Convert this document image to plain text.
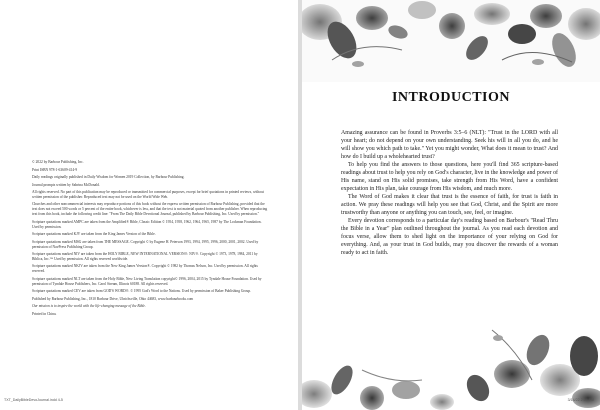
© 2022 by Barbour Publishing, Inc.

Print ISBN 978-1-63609-414-9

Daily readings originally published in Daily Wisdom for Women 2019 Collection, by Barbour Publishing.

Journal prompts written by Sabrina McDonald.

All rights reserved. No part of this publication may be reproduced or transmitted for commercial purposes, except for brief quotations in printed reviews, without written permission of the publisher. Reproduced text may not be used on the World Wide Web.

Churches and other noncommercial interests may reproduce portions of this book without the express written permission of Barbour Publishing, provided that the text does not exceed 500 words or 5 percent of the entire book, whichever is less, and that the text is not material quoted from another publisher. When reproducing text from this book, include the following credit line: "From The Daily Bible Devotional Journal, published by Barbour Publishing, Inc. Used by permission."

Scripture quotations marked AMPC are taken from the Amplified® Bible, Classic Edition © 1954, 1958, 1962, 1964, 1965, 1987 by The Lockman Foundation. Used by permission.

Scripture quotations marked KJV are taken from the King James Version of the Bible.

Scripture quotations marked MSG are taken from THE MESSAGE. Copyright © by Eugene H. Peterson 1993, 1994, 1995, 1996, 2000, 2001, 2002. Used by permission of NavPress Publishing Group.

Scripture quotations marked NIV are taken from the HOLY BIBLE, NEW INTERNATIONAL VERSION®. NIV®. Copyright © 1973, 1978, 1984, 2011 by Biblica, Inc.™ Used by permission. All rights reserved worldwide.

Scripture quotations marked NKJV are taken from the New King James Version®. Copyright © 1982 by Thomas Nelson, Inc. Used by permission. All rights reserved.

Scripture quotations marked NLT are taken from the Holy Bible, New Living Translation copyright© 1996, 2004, 2015 by Tyndale House Foundation. Used by permission of Tyndale House Publishers, Inc. Carol Stream, Illinois 60188. All rights reserved.

Scripture quotations marked CEV are taken from GOD'S WORD®. © 1995 God's Word to the Nations. Used by permission of Baker Publishing Group.

Published by Barbour Publishing, Inc., 1810 Barbour Drive, Uhrichsville, Ohio 44683, www.barbourbooks.com

Our mission is to inspire the world with the life-changing message of the Bible.

Printed in China.

TXT_DailyBibleDevoJournal.indd 4-5
INTRODUCTION

Amazing assurance can be found in Proverbs 3:5–6 (NLT): "Trust in the LORD with all your heart; do not depend on your own understanding. Seek his will in all you do, and he will show you which path to take." Yet you might wonder, What does it mean to trust? And how do I build up a wholehearted trust?

To help you find the answers to those questions, here you'll find 365 scripture-based readings about trust to help you rely on God's character, live in the knowledge and power of His name, stand on His solid promises, take strength from His Word, have a confident expectation in His plan, take courage from His wisdom, and much more.

The Word of God makes it clear that trust is the essence of faith, for trust is faith in action. We pray these readings will help you see that God, Christ, and the Spirit are more trustworthy than anyone or anything you can touch, see, feel, or imagine.

Every devotion corresponds to a particular day's reading based on Barbour's "Read Thru the Bible in a Year" plan outlined throughout the journal. As you read each devotion and focus verse, allow them to shed light on the importance of your relying on God for everything. And, as your trust in God builds, may you discover the rewards of a woman ready to act in faith.

3/14/22 2:54 PM
